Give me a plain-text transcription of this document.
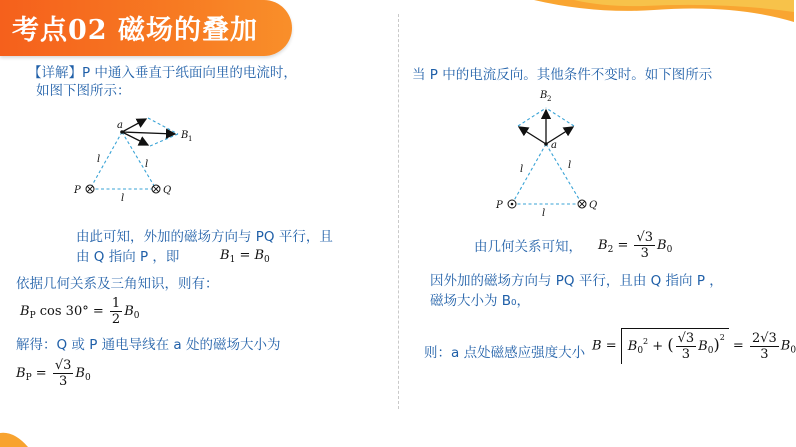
考点02 磁场的叠加
【详解】P 中通入垂直于纸面向里的电流时，
如图下图所示：
a
B 1
P	Q
l	l
l
由此可知，外加的磁场方向与 PQ 平行，且
由 Q 指向 P ，即	$B_1 = B_0$
依据几何关系及三角知识，则有：
$B_P$ $\cos 30^\circ = \frac{1}{2} B_0$
解得：Q 或 P 通电导线在 a 处的磁场大小为
$B_P = \frac{√3}{3} B_0$
当 P 中的电流反向。其他条件不变时。如下图所示
B 2
a
P	Q
l	l
l
由几何关系可知， $B_2 = \frac{√3}{3} B_0$
因外加的磁场方向与 PQ 平行，且由 Q 指向 P ，
磁场大小为 B₀，
则：a 点处磁感应强度大小 $B = B_0^2$ + ( $\frac{√3}{3} B_0)^2 = \frac{2√3}{3} B_0$
